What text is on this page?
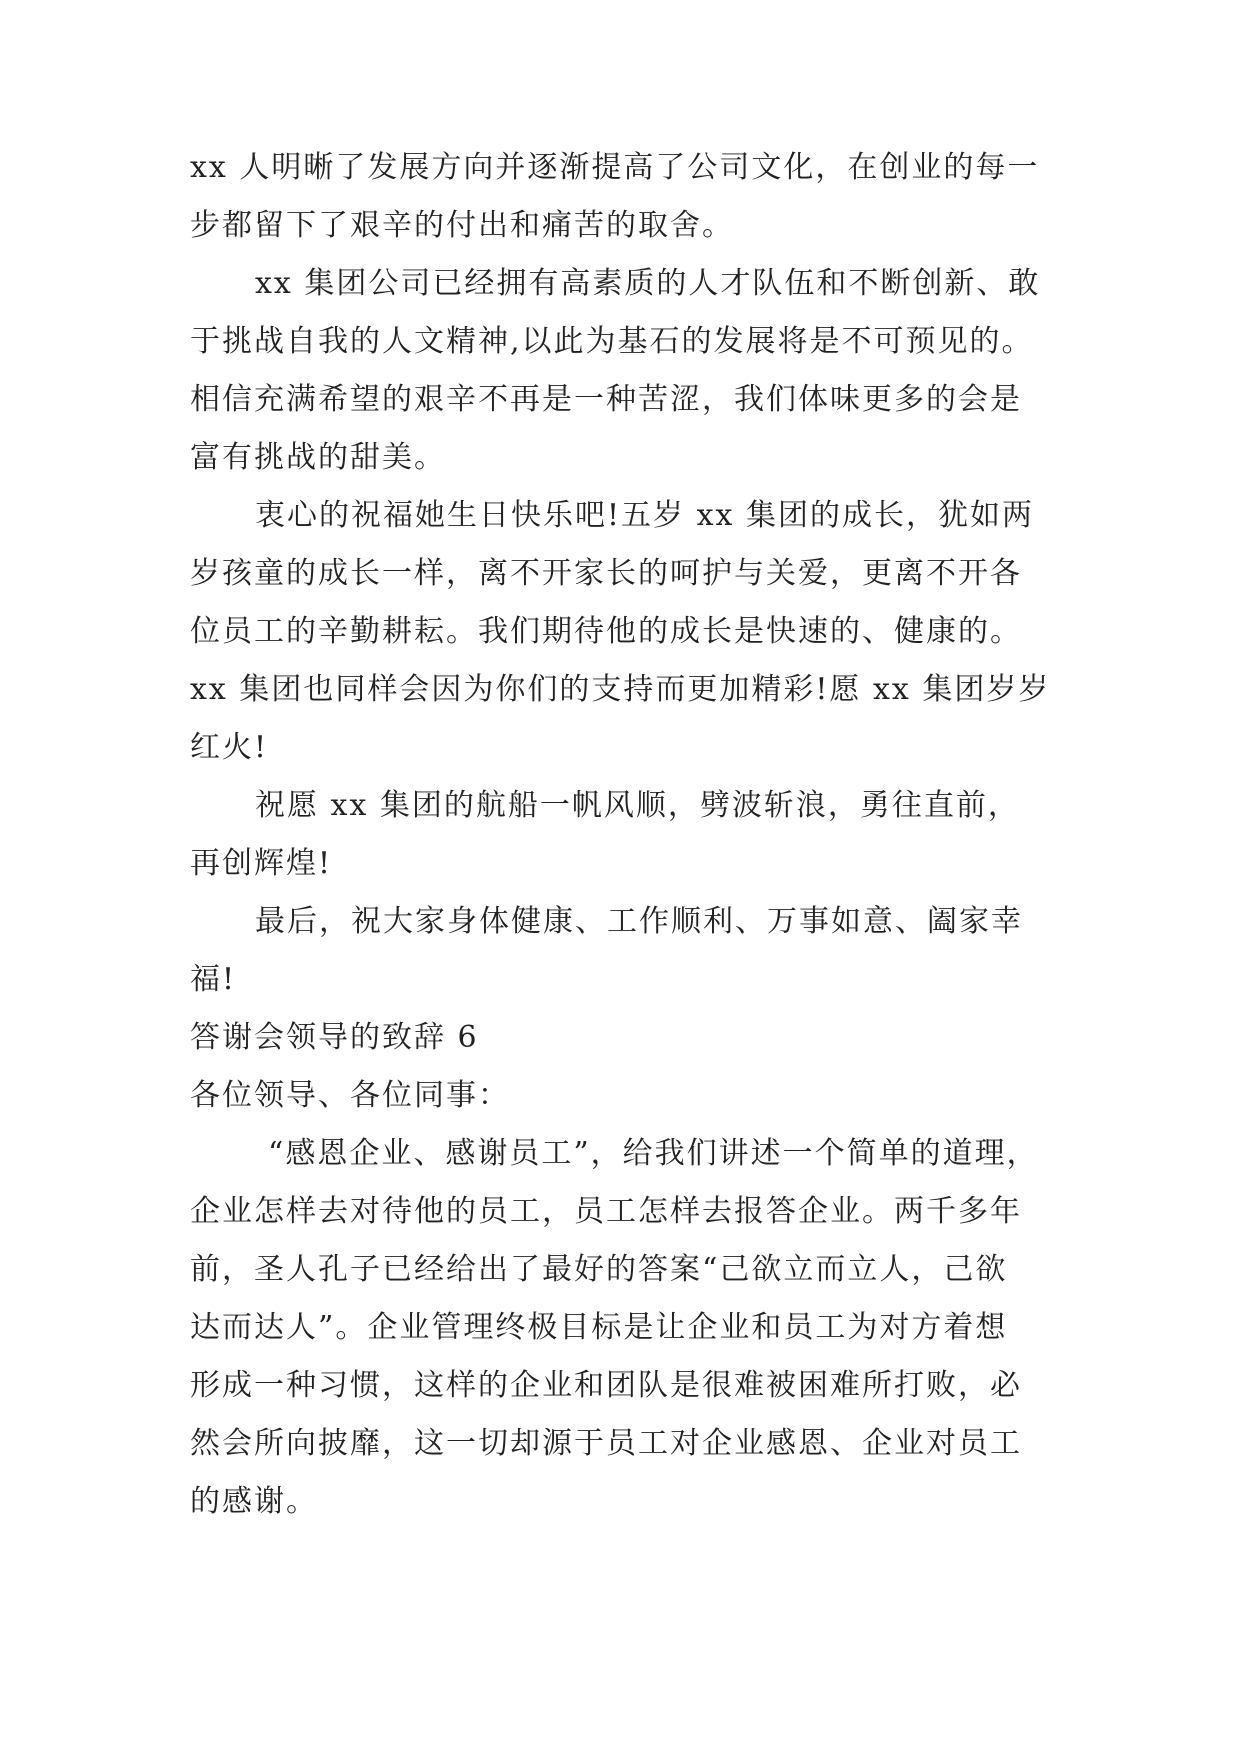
xx 人明晰了发展方向并逐渐提高了公司文化，在创业的每一
步都留下了艰辛的付出和痛苦的取舍。
xx 集团公司已经拥有高素质的人才队伍和不断创新、敢
于挑战自我的人文精神,以此为基石的发展将是不可预见的。
相信充满希望的艰辛不再是一种苦涩，我们体味更多的会是
富有挑战的甜美。
衷心的祝福她生日快乐吧!五岁 xx 集团的成长，犹如两
岁孩童的成长一样，离不开家长的呵护与关爱，更离不开各
位员工的辛勤耕耘。我们期待他的成长是快速的、健康的。
xx 集团也同样会因为你们的支持而更加精彩!愿 xx 集团岁岁
红火!
祝愿 xx 集团的航船一帆风顺，劈波斩浪，勇往直前，
再创辉煌!
最后，祝大家身体健康、工作顺利、万事如意、阖家幸
福!
答谢会领导的致辞 6
各位领导、各位同事：
“感恩企业、感谢员工”，给我们讲述一个简单的道理，
企业怎样去对待他的员工，员工怎样去报答企业。两千多年
前，圣人孔子已经给出了最好的答案“己欲立而立人，己欲
达而达人”。企业管理终极目标是让企业和员工为对方着想
形成一种习惯，这样的企业和团队是很难被困难所打败，必
然会所向披靡，这一切却源于员工对企业感恩、企业对员工
的感谢。
